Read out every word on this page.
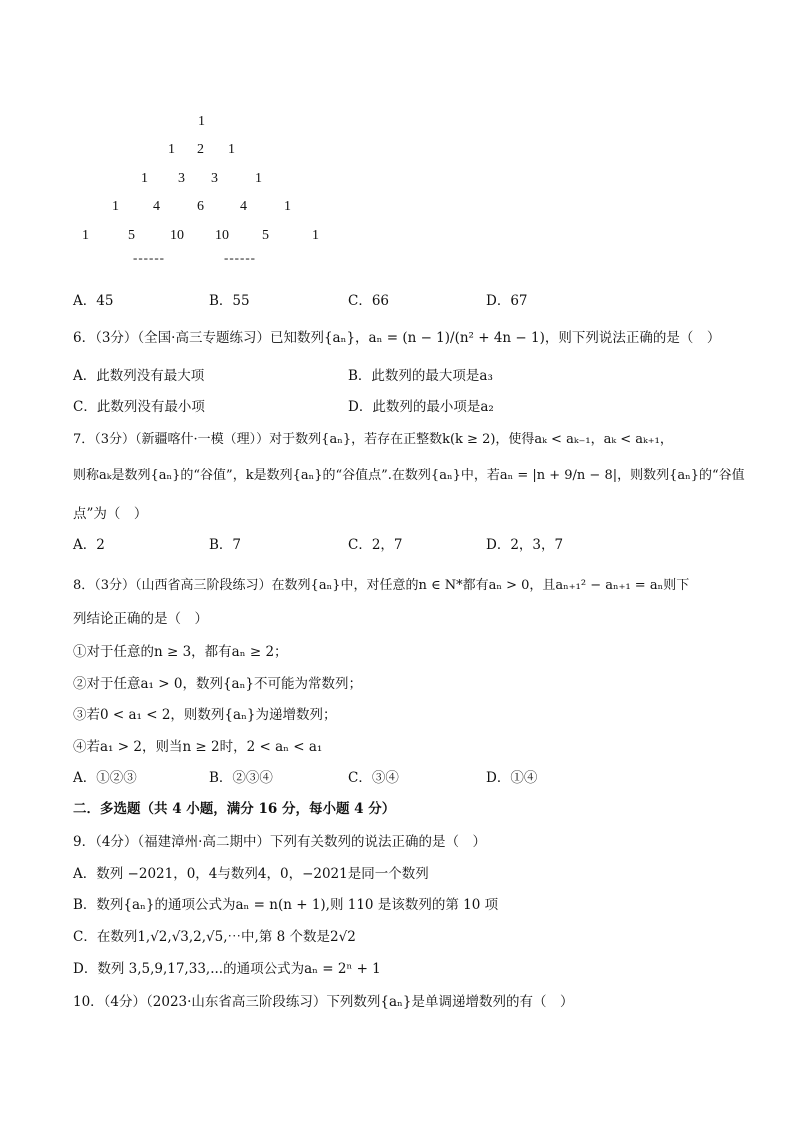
1
1 2 1
1 3 3	1
1 4	6	4	1
1	5	10 10 5	1
------	------
A．45	B．55	C．66	D．67
6．（3分）（全国·高三专题练习）已知数列{aₙ}，aₙ = (n − 1)/(n² + 4n − 1)，则下列说法正确的是（　）
A．此数列没有最大项	B．此数列的最大项是a₃
C．此数列没有最小项	D．此数列的最小项是a₂
7．（3分）（新疆喀什·一模（理））对于数列{aₙ}，若存在正整数k(k ≥ 2)，使得aₖ < aₖ₋₁，aₖ < aₖ₊₁，
则称aₖ是数列{aₙ}的“谷值”，k是数列{aₙ}的“谷值点”.在数列{aₙ}中，若aₙ = |n + 9/n − 8|，则数列{aₙ}的“谷值
点”为（　）
A．2	B．7	C．2，7	D．2，3，7
8．（3分）（山西省高三阶段练习）在数列{aₙ}中，对任意的n ∈ N*都有aₙ > 0，且aₙ₊₁² − aₙ₊₁ = aₙ则下
列结论正确的是（　）
①对于任意的n ≥ 3，都有aₙ ≥ 2；
②对于任意a₁ > 0，数列{aₙ}不可能为常数列；
③若0 < a₁ < 2，则数列{aₙ}为递增数列；
④若a₁ > 2，则当n ≥ 2时，2 < aₙ < a₁
A．①②③	B．②③④	C．③④	D．①④
二．多选题（共 4 小题，满分 16 分，每小题 4 分）
9．（4分）（福建漳州·高二期中）下列有关数列的说法正确的是（　）
A．数列 −2021，0，4与数列4，0，−2021是同一个数列
B．数列{aₙ}的通项公式为aₙ = n(n + 1),则 110 是该数列的第 10 项
C．在数列1,√2,√3,2,√5,⋯中,第 8 个数是2√2
D．数列 3,5,9,17,33,...的通项公式为aₙ = 2ⁿ + 1
10．（4分）（2023·山东省高三阶段练习）下列数列{aₙ}是单调递增数列的有（　）
